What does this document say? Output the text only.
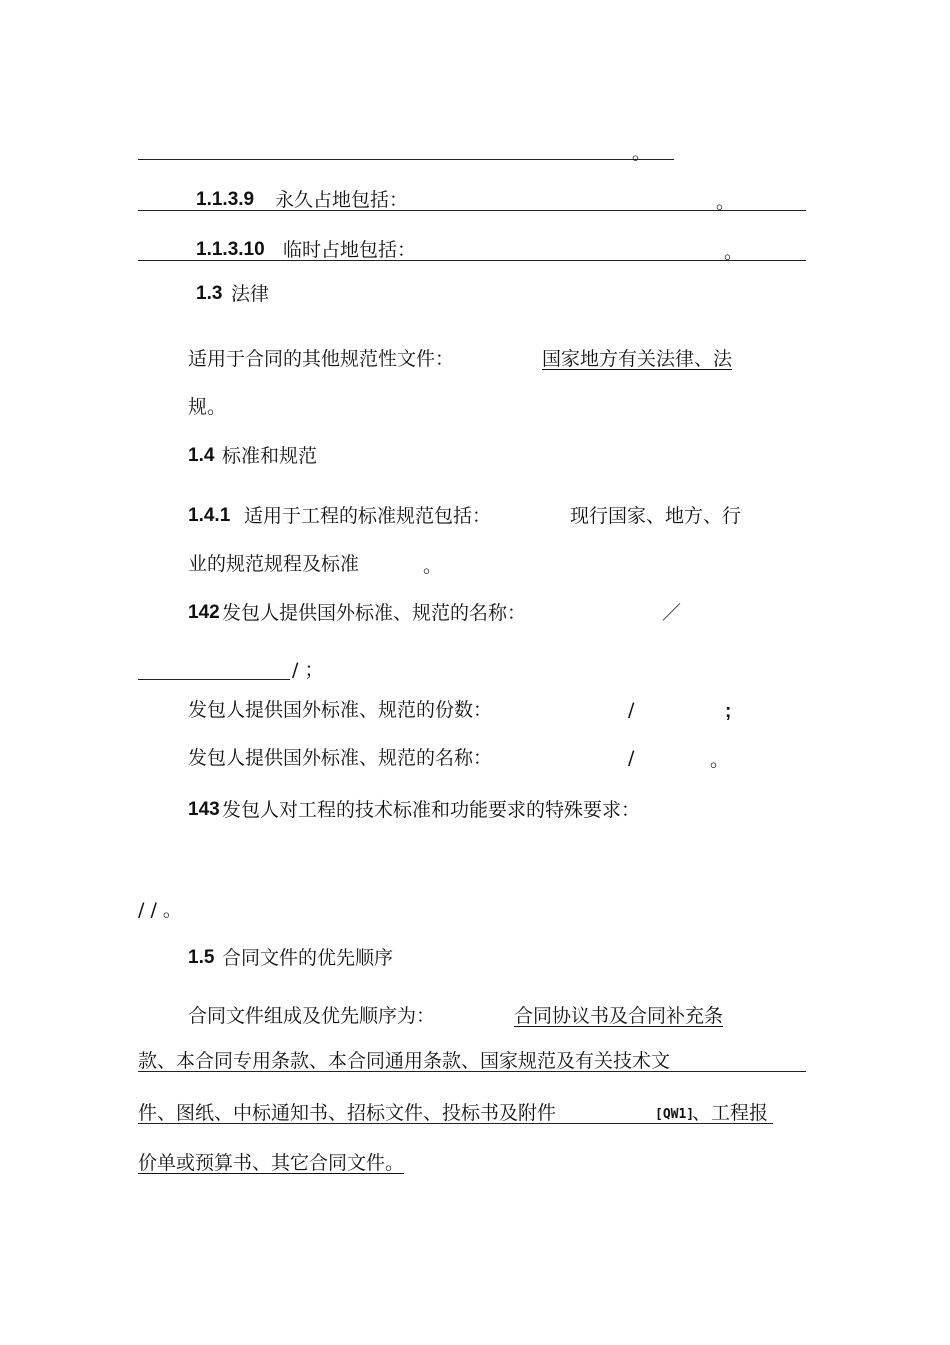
。
1.1.3.9 永久占地包括：	。
1.1.3.10 临时占地包括：	。
1.3 法律
适用于合同的其他规范性文件：	国家地方有关法律、法
规。
1.4 标准和规范
1.4.1 适用于工程的标准规范包括：	现行国家、地方、行
业的规范规程及标准	。
142 发包人提供国外标准、规范的名称：	／
/ ；
发包人提供国外标准、规范的份数：	/	;
发包人提供国外标准、规范的名称：	/	。
143 发包人对工程的技术标准和功能要求的特殊要求：
/ / 。
1.5 合同文件的优先顺序
合同文件组成及优先顺序为：	合同协议书及合同补充条
款、本合同专用条款、本合同通用条款、国家规范及有关技术文
件、图纸、中标通知书、招标文件、投标书及附件	[QW1]
、工程报
价单或预算书、其它合同文件。
